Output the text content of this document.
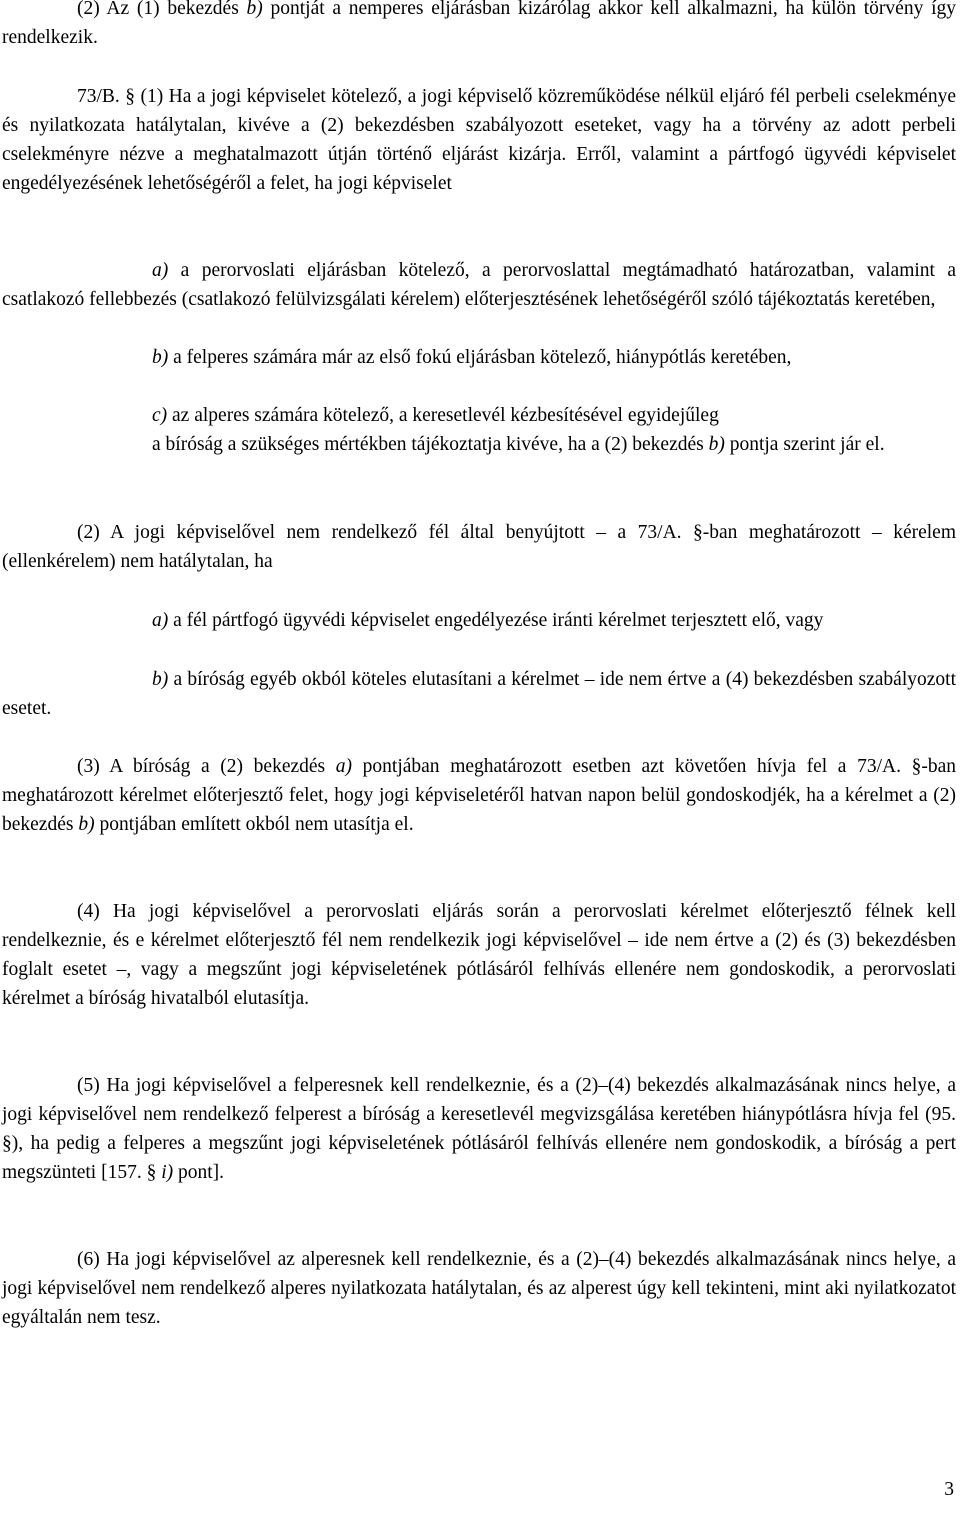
(2) Az (1) bekezdés b) pontját a nemperes eljárásban kizárólag akkor kell alkalmazni, ha külön törvény így rendelkezik.

73/B. § (1) Ha a jogi képviselet kötelező, a jogi képviselő közreműködése nélkül eljáró fél perbeli cselekménye és nyilatkozata hatálytalan, kivéve a (2) bekezdésben szabályozott eseteket, vagy ha a törvény az adott perbeli cselekményre nézve a meghatalmazott útján történő eljárást kizárja. Erről, valamint a pártfogó ügyvédi képviselet engedélyezésének lehetőségéről a felet, ha jogi képviselet

a) a perorvoslati eljárásban kötelező, a perorvoslattal megtámadható határozatban, valamint a csatlakozó fellebbezés (csatlakozó felülvizsgálati kérelem) előterjesztésének lehetőségéről szóló tájékoztatás keretében,

b) a felperes számára már az első fokú eljárásban kötelező, hiánypótlás keretében,

c) az alperes számára kötelező, a keresetlevél kézbesítésével egyidejűleg

a bíróság a szükséges mértékben tájékoztatja kivéve, ha a (2) bekezdés b) pontja szerint jár el.

(2) A jogi képviselővel nem rendelkező fél által benyújtott – a 73/A. §-ban meghatározott – kérelem (ellenkérelem) nem hatálytalan, ha

a) a fél pártfogó ügyvédi képviselet engedélyezése iránti kérelmet terjesztett elő, vagy

b) a bíróság egyéb okból köteles elutasítani a kérelmet – ide nem értve a (4) bekezdésben szabályozott esetet.

(3) A bíróság a (2) bekezdés a) pontjában meghatározott esetben azt követően hívja fel a 73/A. §-ban meghatározott kérelmet előterjesztő felet, hogy jogi képviseletéről hatvan napon belül gondoskodjék, ha a kérelmet a (2) bekezdés b) pontjában említett okból nem utasítja el.

(4) Ha jogi képviselővel a perorvoslati eljárás során a perorvoslati kérelmet előterjesztő félnek kell rendelkeznie, és e kérelmet előterjesztő fél nem rendelkezik jogi képviselővel – ide nem értve a (2) és (3) bekezdésben foglalt esetet –, vagy a megszűnt jogi képviseletének pótlásáról felhívás ellenére nem gondoskodik, a perorvoslati kérelmet a bíróság hivatalból elutasítja.

(5) Ha jogi képviselővel a felperesnek kell rendelkeznie, és a (2)–(4) bekezdés alkalmazásának nincs helye, a jogi képviselővel nem rendelkező felperest a bíróság a keresetlevél megvizsgálása keretében hiánypótlásra hívja fel (95. §), ha pedig a felperes a megszűnt jogi képviseletének pótlásáról felhívás ellenére nem gondoskodik, a bíróság a pert megszünteti [157. § i) pont].

(6) Ha jogi képviselővel az alperesnek kell rendelkeznie, és a (2)–(4) bekezdés alkalmazásának nincs helye, a jogi képviselővel nem rendelkező alperes nyilatkozata hatálytalan, és az alperest úgy kell tekinteni, mint aki nyilatkozatot egyáltalán nem tesz.

3
